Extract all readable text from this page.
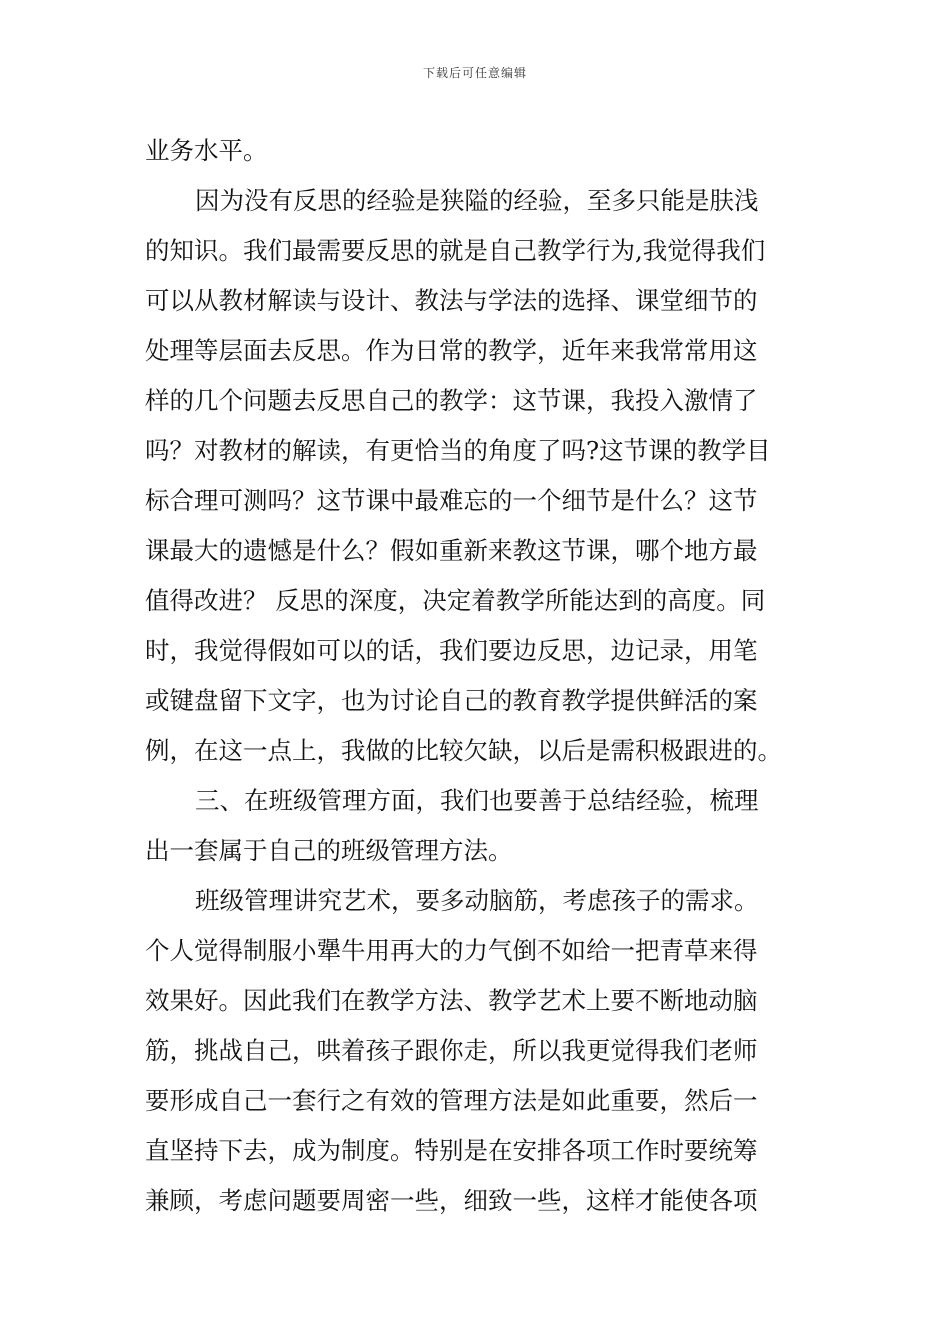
下载后可任意编辑
业务水平。
因为没有反思的经验是狭隘的经验，至多只能是肤浅
的知识。我们最需要反思的就是自己教学行为,我觉得我们
可以从教材解读与设计、教法与学法的选择、课堂细节的
处理等层面去反思。作为日常的教学，近年来我常常用这
样的几个问题去反思自己的教学：这节课，我投入激情了
吗？对教材的解读，有更恰当的角度了吗?这节课的教学目
标合理可测吗？这节课中最难忘的一个细节是什么？这节
课最大的遗憾是什么？假如重新来教这节课，哪个地方最
值得改进？ 反思的深度，决定着教学所能达到的高度。同
时，我觉得假如可以的话，我们要边反思，边记录，用笔
或键盘留下文字，也为讨论自己的教育教学提供鲜活的案
例，在这一点上，我做的比较欠缺，以后是需积极跟进的。
三、在班级管理方面，我们也要善于总结经验，梳理
出一套属于自己的班级管理方法。
班级管理讲究艺术，要多动脑筋，考虑孩子的需求。
个人觉得制服小犟牛用再大的力气倒不如给一把青草来得
效果好。因此我们在教学方法、教学艺术上要不断地动脑
筋，挑战自己，哄着孩子跟你走，所以我更觉得我们老师
要形成自己一套行之有效的管理方法是如此重要，然后一
直坚持下去，成为制度。特别是在安排各项工作时要统筹
兼顾，考虑问题要周密一些，细致一些，这样才能使各项
